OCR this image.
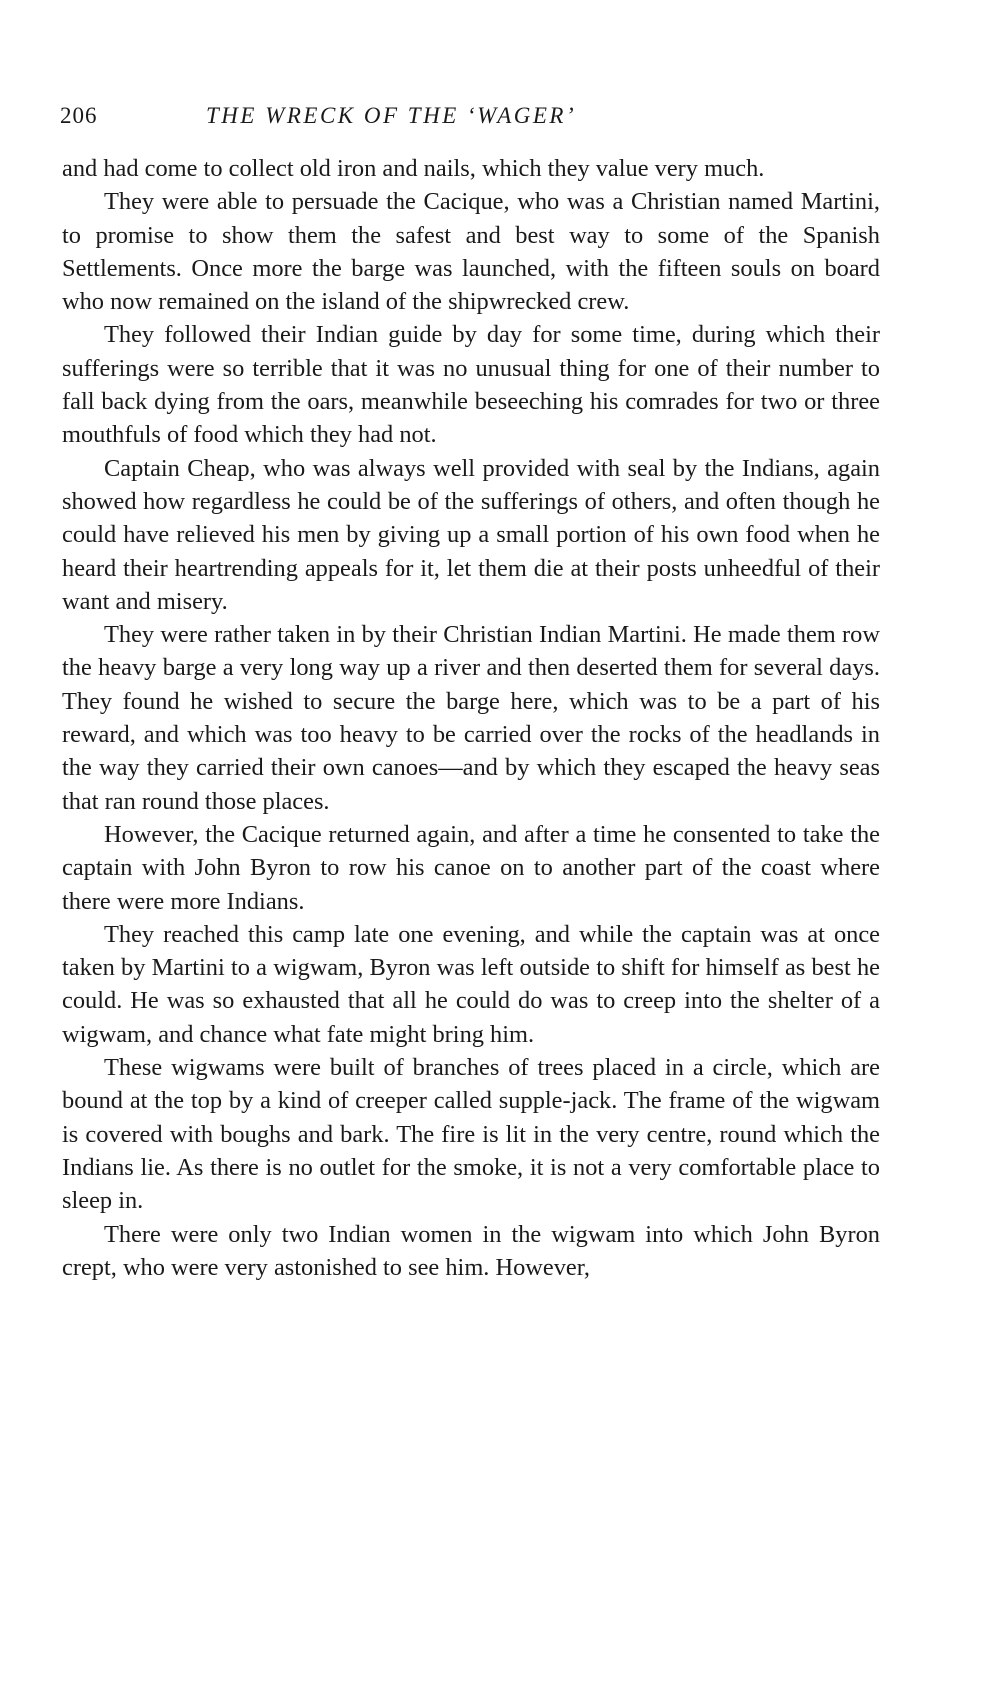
206	THE WRECK OF THE ‘WAGER’

and had come to collect old iron and nails, which they value very much.

They were able to persuade the Cacique, who was a Christian named Martini, to promise to show them the safest and best way to some of the Spanish Settlements. Once more the barge was launched, with the fifteen souls on board who now remained on the island of the shipwrecked crew.

They followed their Indian guide by day for some time, during which their sufferings were so terrible that it was no unusual thing for one of their number to fall back dying from the oars, meanwhile beseeching his comrades for two or three mouthfuls of food which they had not.

Captain Cheap, who was always well provided with seal by the Indians, again showed how regardless he could be of the sufferings of others, and often though he could have relieved his men by giving up a small portion of his own food when he heard their heartrending appeals for it, let them die at their posts unheedful of their want and misery.

They were rather taken in by their Christian Indian Martini. He made them row the heavy barge a very long way up a river and then deserted them for several days. They found he wished to secure the barge here, which was to be a part of his reward, and which was too heavy to be carried over the rocks of the headlands in the way they carried their own canoes—and by which they escaped the heavy seas that ran round those places.

However, the Cacique returned again, and after a time he consented to take the captain with John Byron to row his canoe on to another part of the coast where there were more Indians.

They reached this camp late one evening, and while the captain was at once taken by Martini to a wigwam, Byron was left outside to shift for himself as best he could. He was so exhausted that all he could do was to creep into the shelter of a wigwam, and chance what fate might bring him.

These wigwams were built of branches of trees placed in a circle, which are bound at the top by a kind of creeper called supple-jack. The frame of the wigwam is covered with boughs and bark. The fire is lit in the very centre, round which the Indians lie. As there is no outlet for the smoke, it is not a very comfortable place to sleep in.

There were only two Indian women in the wigwam into which John Byron crept, who were very astonished to see him. However,
